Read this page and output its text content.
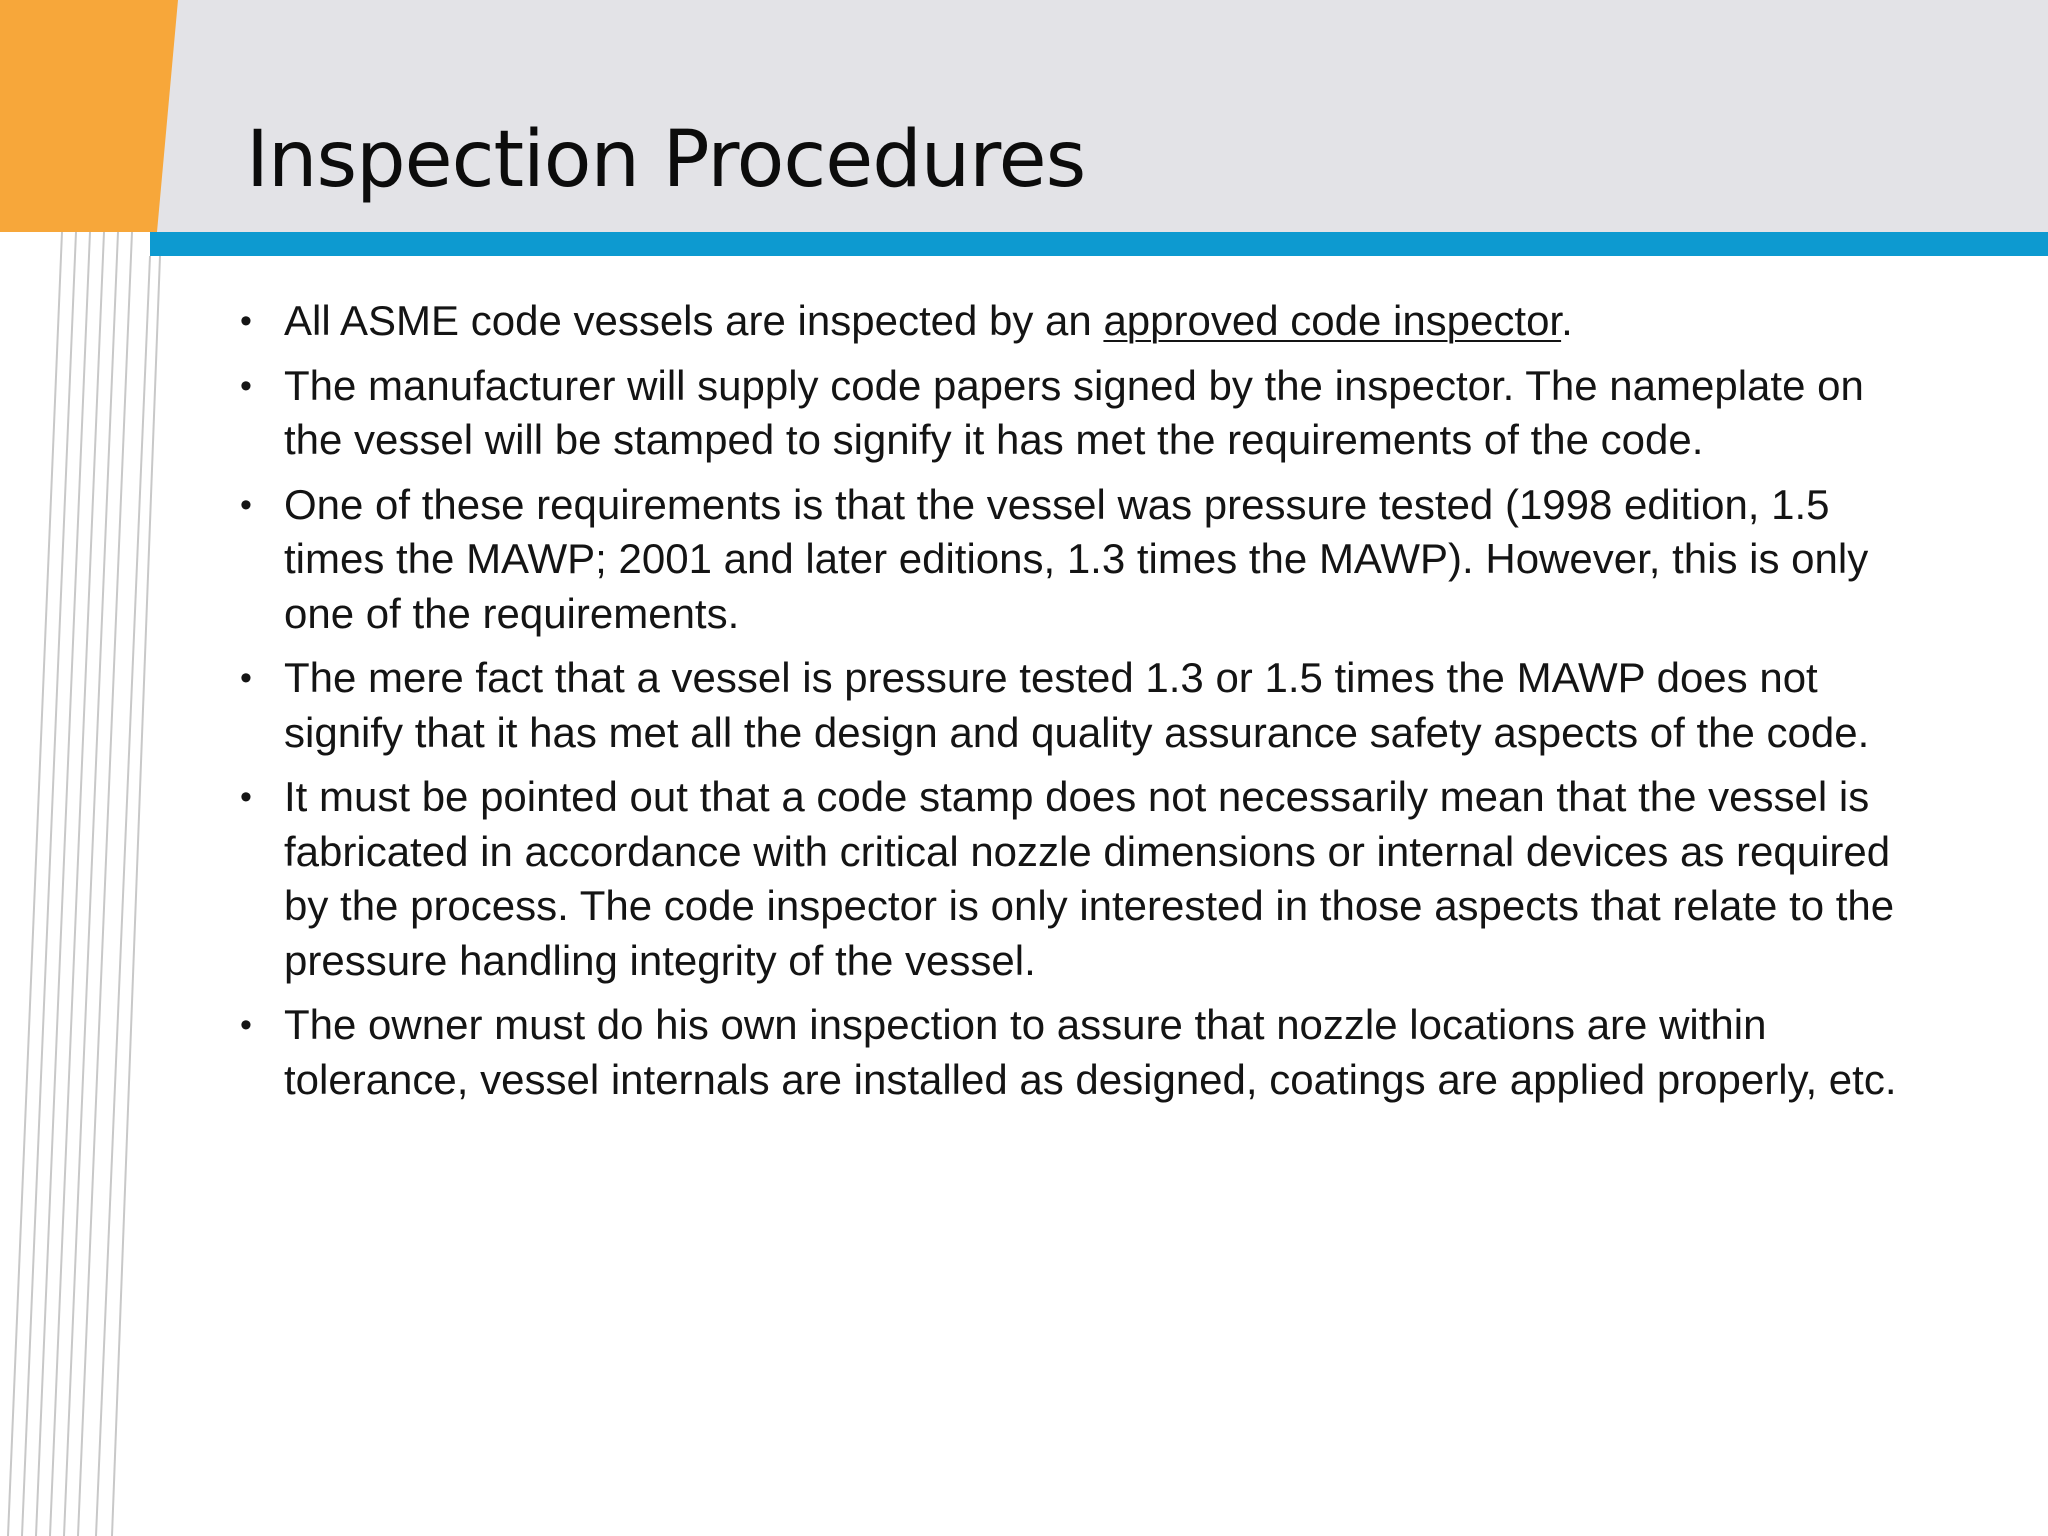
Inspection Procedures
• All ASME code vessels are inspected by an approved code inspector.
• The manufacturer will supply code papers signed by the inspector. The nameplate on the vessel will be stamped to signify it has met the requirements of the code.
• One of these requirements is that the vessel was pressure tested (1998 edition, 1.5 times the MAWP; 2001 and later editions, 1.3 times the MAWP). However, this is only one of the requirements.
• The mere fact that a vessel is pressure tested 1.3 or 1.5 times the MAWP does not signify that it has met all the design and quality assurance safety aspects of the code.
• It must be pointed out that a code stamp does not necessarily mean that the vessel is fabricated in accordance with critical nozzle dimensions or internal devices as required by the process. The code inspector is only interested in those aspects that relate to the pressure handling integrity of the vessel.
• The owner must do his own inspection to assure that nozzle locations are within tolerance, vessel internals are installed as designed, coatings are applied properly, etc.
